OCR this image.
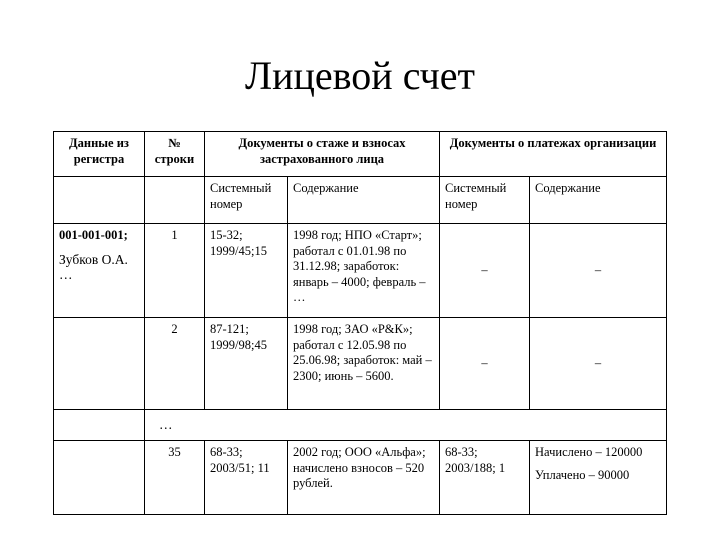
Лицевой счет
Данные из регистра	№ строки	Документы о стаже и взносах застрахованного лица		Документы о платежах организации	
		Системный номер	Содержание	Системный номер	Содержание

001-001-001;
Зубков О.А.
…	1	15-32; 1999/45;15	1998 год; НПО «Старт»; работал с 01.01.98 по 31.12.98; заработок: январь – 4000; февраль – …	–	–
	2	87-121; 1999/98;45	1998 год; ЗАО «Р&К»; работал с 12.05.98 по 25.06.98; заработок: май – 2300; июнь – 5600.	–	–
	…				
	35	68-33; 2003/51; 11	2002 год; ООО «Альфа»; начислено взносов – 520 рублей.	68-33; 2003/188; 1	Начислено – 120000
Уплачено – 90000
